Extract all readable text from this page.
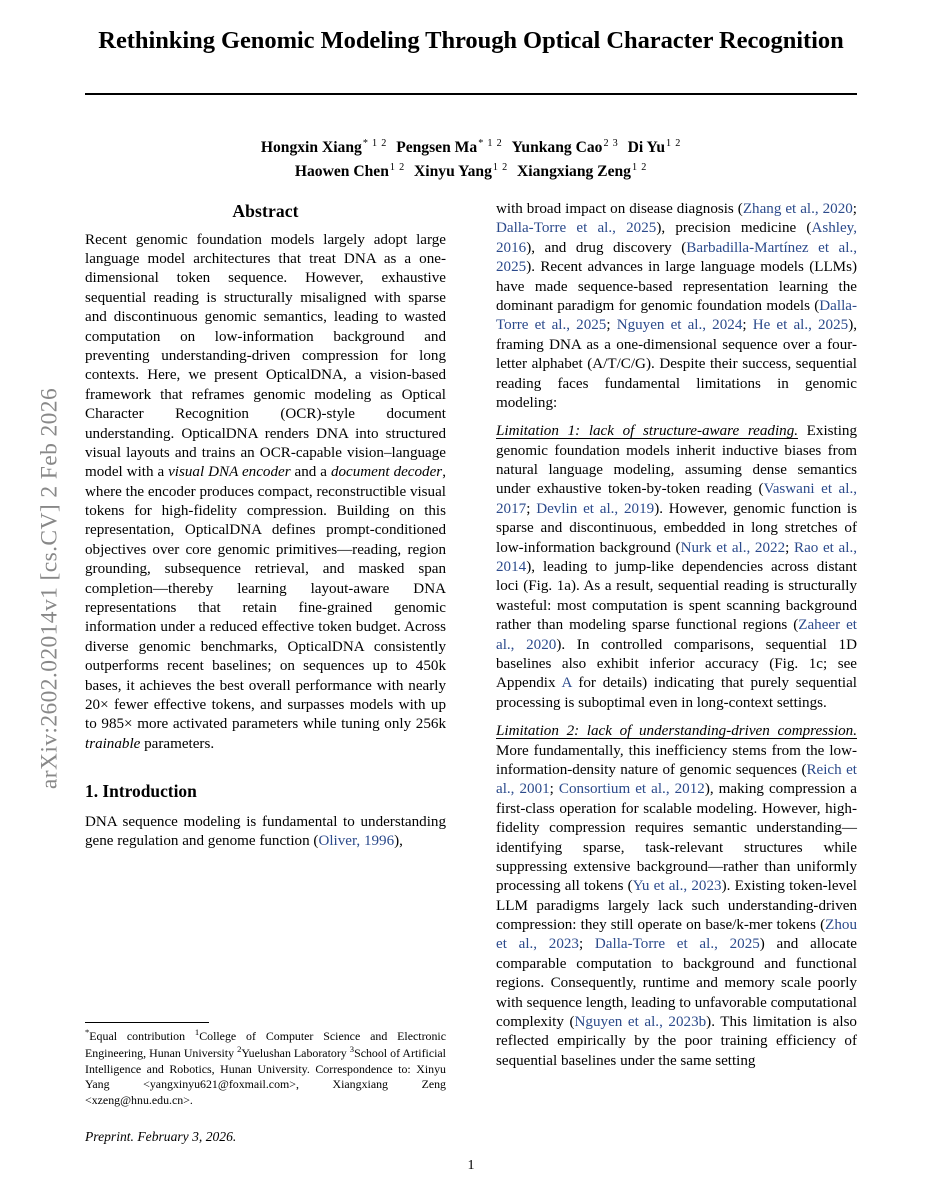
arXiv:2602.02014v1 [cs.CV] 2 Feb 2026
Rethinking Genomic Modeling Through Optical Character Recognition
Hongxin Xiang$^{* 1 2}$ Pengsen $Ma^{* 1 2}$ Yunkang Cao$^{2 3}$ Di $Yu^{1 2}$
Haowen Chen$^{1 2}$ Xinyu Yang$^{1 2}$ Xiangxiang Zeng$^{1 2}$
Abstract

Recent genomic foundation models largely adopt large language model architectures that treat DNA as a one-dimensional token sequence. However, exhaustive sequential reading is structurally misaligned with sparse and discontinuous genomic semantics, leading to wasted computation on low-information background and preventing understanding-driven compression for long contexts. Here, we present OpticalDNA, a vision-based framework that reframes genomic modeling as Optical Character Recognition (OCR)-style document understanding. OpticalDNA renders DNA into structured visual layouts and trains an OCR-capable vision–language model with a visual DNA encoder and a document decoder, where the encoder produces compact, reconstructible visual tokens for high-fidelity compression. Building on this representation, OpticalDNA defines prompt-conditioned objectives over core genomic primitives—reading, region grounding, subsequence retrieval, and masked span completion—thereby learning layout-aware DNA representations that retain fine-grained genomic information under a reduced effective token budget. Across diverse genomic benchmarks, OpticalDNA consistently outperforms recent baselines; on sequences up to 450k bases, it achieves the best overall performance with nearly 20× fewer effective tokens, and surpasses models with up to 985× more activated parameters while tuning only 256k trainable parameters.

1. Introduction

DNA sequence modeling is fundamental to understanding gene regulation and genome function (Oliver, 1996),

with broad impact on disease diagnosis (Zhang et al., 2020; Dalla-Torre et al., 2025), precision medicine (Ashley, 2016), and drug discovery (Barbadilla-Martínez et al., 2025). Recent advances in large language models (LLMs) have made sequence-based representation learning the dominant paradigm for genomic foundation models (Dalla-Torre et al., 2025; Nguyen et al., 2024; He et al., 2025), framing DNA as a one-dimensional sequence over a four-letter alphabet (A/T/C/G). Despite their success, sequential reading faces fundamental limitations in genomic modeling:

Limitation 1: lack of structure-aware reading. Existing genomic foundation models inherit inductive biases from natural language modeling, assuming dense semantics under exhaustive token-by-token reading (Vaswani et al., 2017; Devlin et al., 2019). However, genomic function is sparse and discontinuous, embedded in long stretches of low-information background (Nurk et al., 2022; Rao et al., 2014), leading to jump-like dependencies across distant loci (Fig. 1a). As a result, sequential reading is structurally wasteful: most computation is spent scanning background rather than modeling sparse functional regions (Zaheer et al., 2020). In controlled comparisons, sequential 1D baselines also exhibit inferior accuracy (Fig. 1c; see Appendix A for details) indicating that purely sequential processing is suboptimal even in long-context settings.

Limitation 2: lack of understanding-driven compression. More fundamentally, this inefficiency stems from the low-information-density nature of genomic sequences (Reich et al., 2001; Consortium et al., 2012), making compression a first-class operation for scalable modeling. However, high-fidelity compression requires semantic understanding—identifying sparse, task-relevant structures while suppressing extensive background—rather than uniformly processing all tokens (Yu et al., 2023). Existing token-level LLM paradigms largely lack such understanding-driven compression: they still operate on base/k-mer tokens (Zhou et al., 2023; Dalla-Torre et al., 2025) and allocate comparable computation to background and functional regions. Consequently, runtime and memory scale poorly with sequence length, leading to unfavorable computational complexity (Nguyen et al., 2023b). This limitation is also reflected empirically by the poor training efficiency of sequential baselines under the same setting

*Equal contribution $^1$College of Computer Science and Electronic Engineering, Hunan University $^2$Yuelushan Laboratory $^3$School of Artificial Intelligence and Robotics, Hunan University. Correspondence to: Xinyu Yang <yangxinyu621@foxmail.com>, Xiangxiang Zeng <xzeng@hnu.edu.cn>.

Preprint. February 3, 2026.
1
